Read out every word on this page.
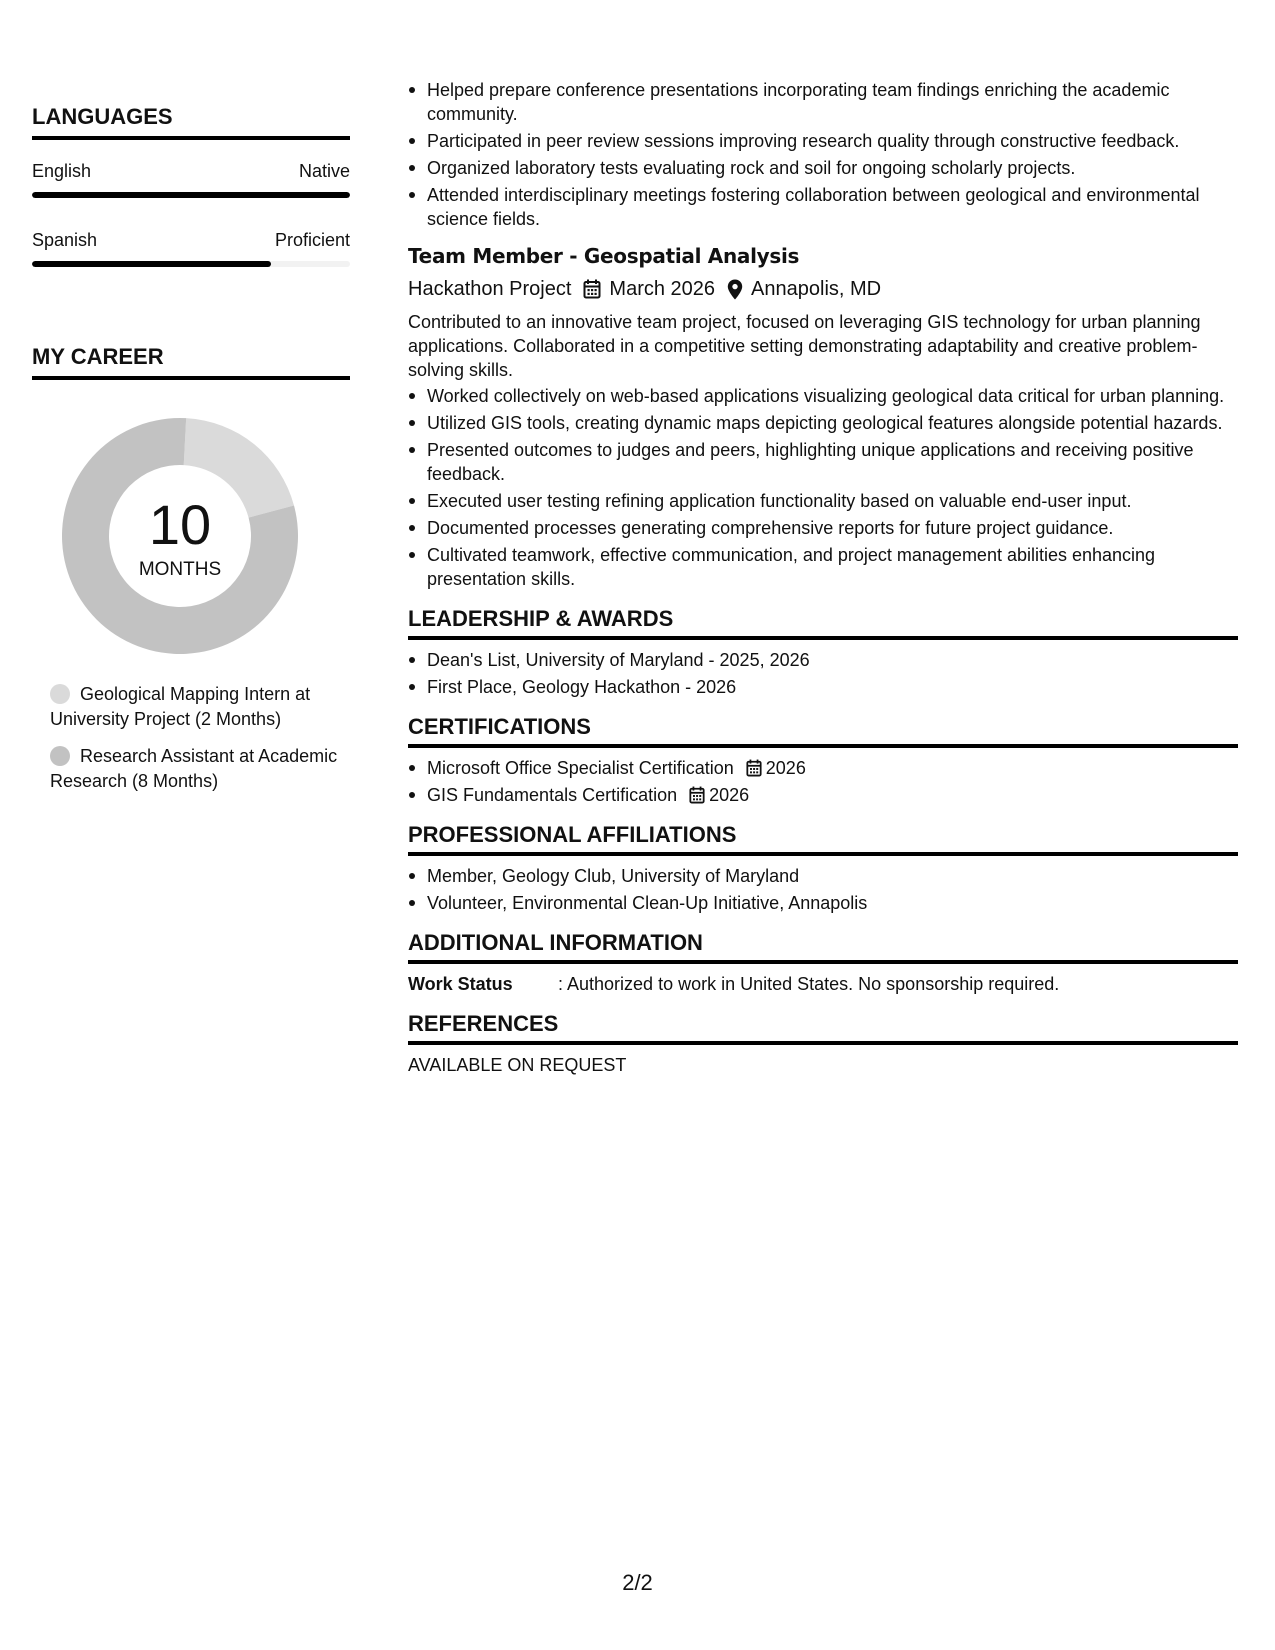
LANGUAGES
English	Native
Spanish	Proficient
MY CAREER
10
MONTHS
Geological Mapping Intern at University Project (2 Months)
Research Assistant at Academic Research (8 Months)
Helped prepare conference presentations incorporating team findings enriching the academic community.
Participated in peer review sessions improving research quality through constructive feedback.
Organized laboratory tests evaluating rock and soil for ongoing scholarly projects.
Attended interdisciplinary meetings fostering collaboration between geological and environmental science fields.
Team Member - Geospatial Analysis
Hackathon Project March 2026 Annapolis, MD
Contributed to an innovative team project, focused on leveraging GIS technology for urban planning applications. Collaborated in a competitive setting demonstrating adaptability and creative problem-solving skills.
Worked collectively on web-based applications visualizing geological data critical for urban planning.
Utilized GIS tools, creating dynamic maps depicting geological features alongside potential hazards.
Presented outcomes to judges and peers, highlighting unique applications and receiving positive feedback.
Executed user testing refining application functionality based on valuable end-user input.
Documented processes generating comprehensive reports for future project guidance.
Cultivated teamwork, effective communication, and project management abilities enhancing presentation skills.
LEADERSHIP & AWARDS
Dean's List, University of Maryland - 2025, 2026
First Place, Geology Hackathon - 2026
CERTIFICATIONS
Microsoft Office Specialist Certification 2026
GIS Fundamentals Certification 2026
PROFESSIONAL AFFILIATIONS
Member, Geology Club, University of Maryland
Volunteer, Environmental Clean-Up Initiative, Annapolis
ADDITIONAL INFORMATION
Work Status	: Authorized to work in United States. No sponsorship required.
REFERENCES
AVAILABLE ON REQUEST
2/2
